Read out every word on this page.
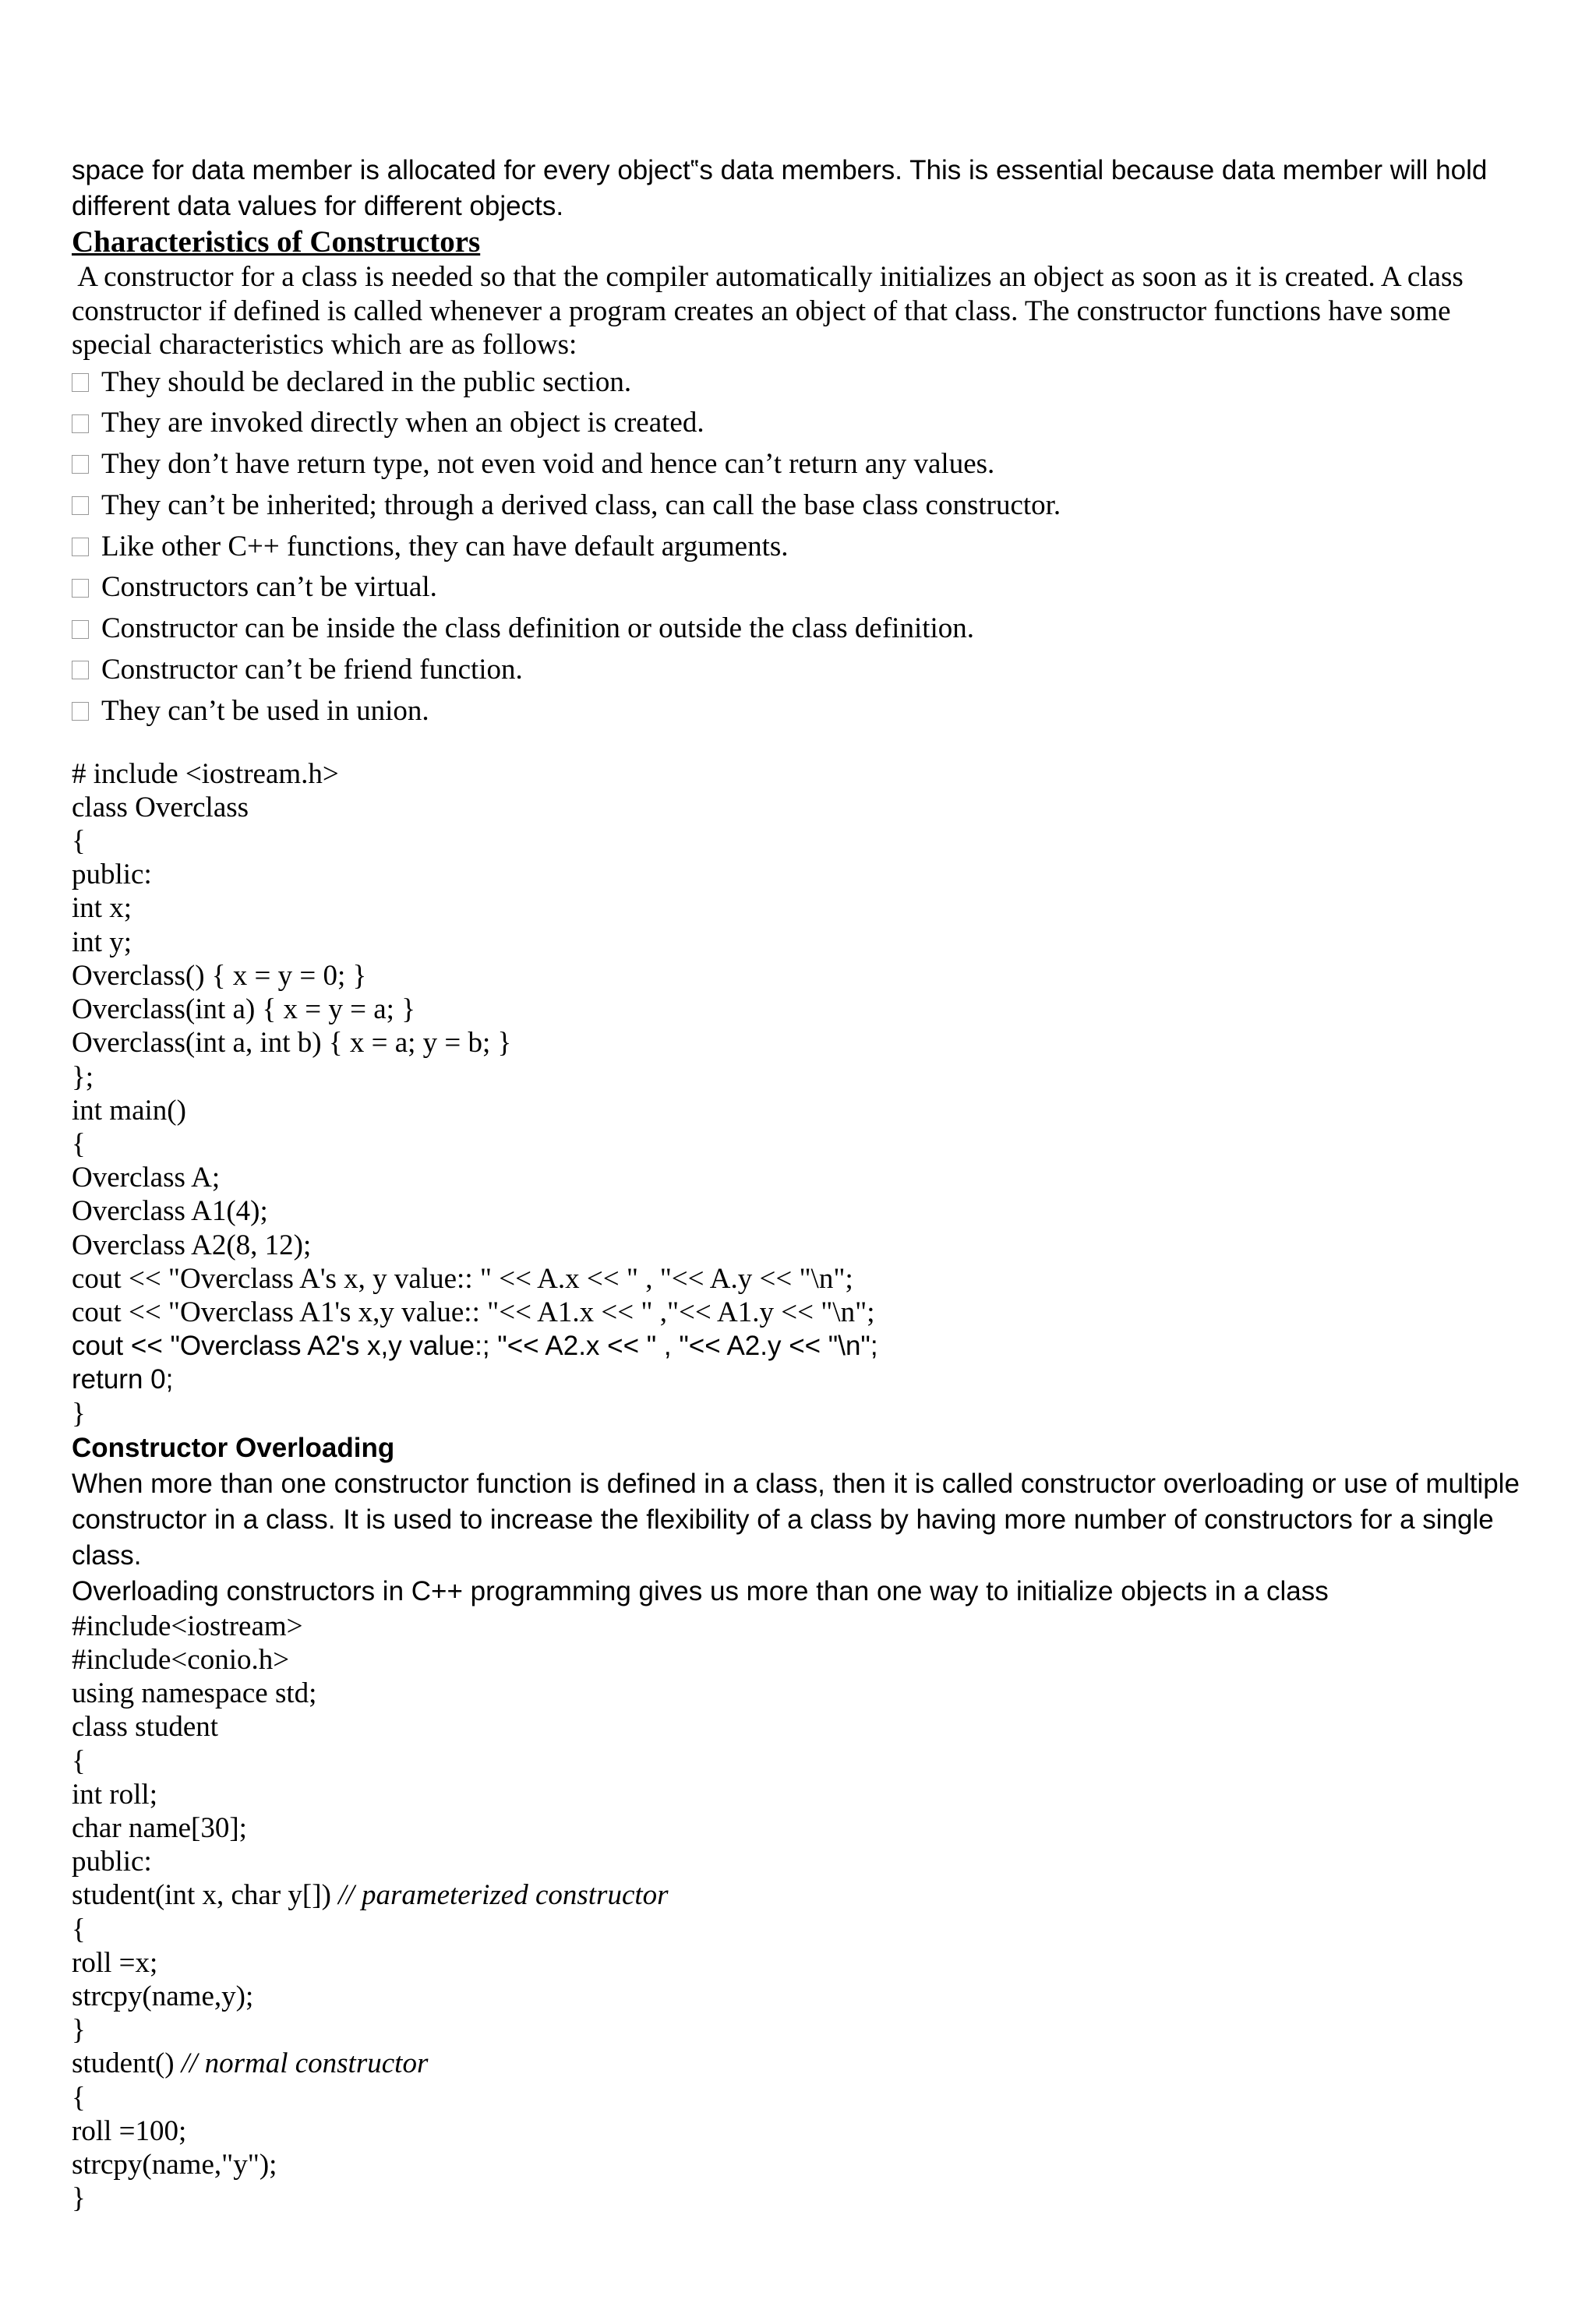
space for data member is allocated for every object‟s data members. This is essential because data member will hold
different data values for different objects.
Characteristics of Constructors
A constructor for a class is needed so that the compiler automatically initializes an object as soon as it is created. A class
constructor if defined is called whenever a program creates an object of that class. The constructor functions have some
special characteristics which are as follows:
They should be declared in the public section.
They are invoked directly when an object is created.
They don’t have return type, not even void and hence can’t return any values.
They can’t be inherited; through a derived class, can call the base class constructor.
Like other C++ functions, they can have default arguments.
Constructors can’t be virtual.
Constructor can be inside the class definition or outside the class definition.
Constructor can’t be friend function.
They can’t be used in union.
# include <iostream.h>
class Overclass
{
public:
int x;
int y;
Overclass() { x = y = 0; }
Overclass(int a) { x = y = a; }
Overclass(int a, int b) { x = a; y = b; }
};
int main()
{
Overclass A;
Overclass A1(4);
Overclass A2(8, 12);
cout << "Overclass A's x, y value:: " << A.x << " , "<< A.y << "\n";
cout << "Overclass A1's x,y value:: "<< A1.x << " ,"<< A1.y << "\n";
cout << "Overclass A2's x,y value:; "<< A2.x << " , "<< A2.y << "\n";
return 0;
}
Constructor Overloading
When more than one constructor function is defined in a class, then it is called constructor overloading or use of multiple
constructor in a class. It is used to increase the flexibility of a class by having more number of constructors for a single class.
Overloading constructors in C++ programming gives us more than one way to initialize objects in a class
#include<iostream>
#include<conio.h>
using namespace std;
class student
{
int roll;
char name[30];
public:
student(int x, char y[]) // parameterized constructor
{
roll =x;
strcpy(name,y);
}
student() // normal constructor
{
roll =100;
strcpy(name,"y");
}
